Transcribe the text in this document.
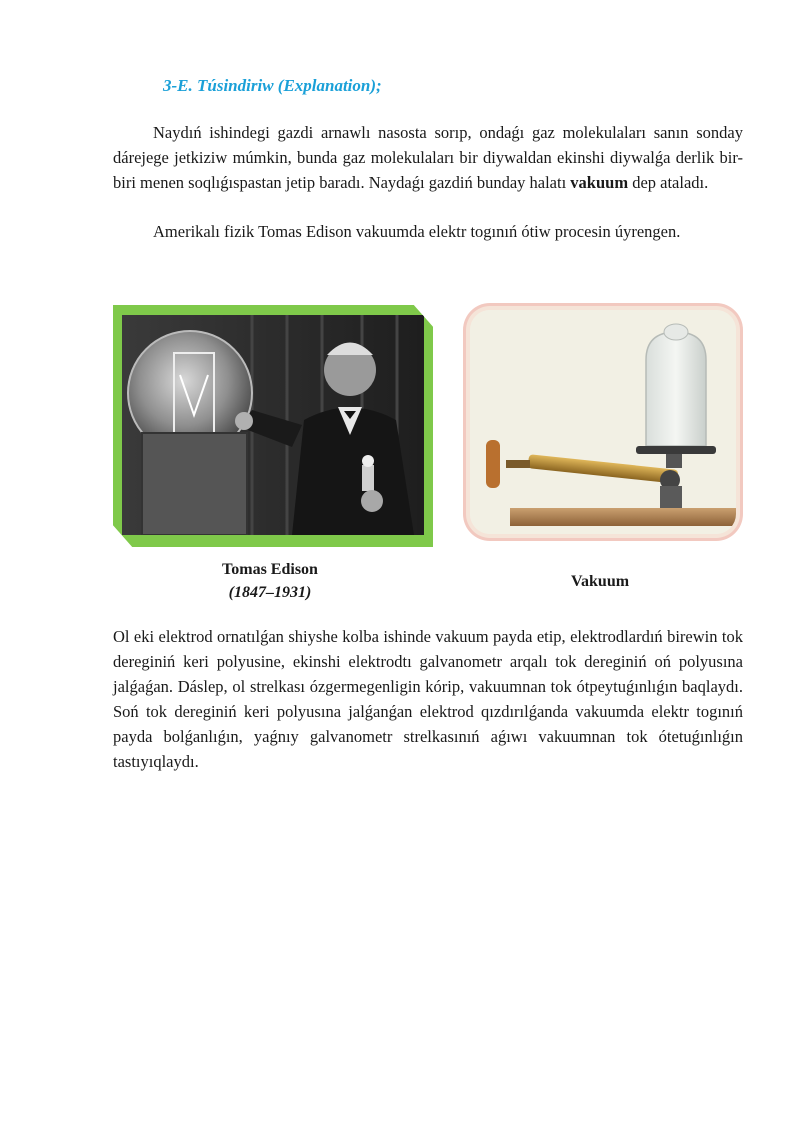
3-E. Túsindiriw (Explanation);

Naydıń ishindegi gazdi arnawlı nasosta sorıp, ondaǵı gaz molekulaları sanın sonday dárejege jetkiziw múmkin, bunda gaz molekulaları bir diywaldan ekinshi diywalǵa derlik bir-biri menen soqlıǵıspastan jetip baradı. Naydaǵı gazdiń bunday halatı vakuum dep ataladı.

Amerikalı fizik Tomas Edison vakuumda elektr togınıń ótiw procesin úyrengen.

Tomas Edison

(1847–1931)

Vakuum

Ol eki elektrod ornatılǵan shiyshe kolba ishinde vakuum payda etip, elektrodlardıń birewin tok dereginiń keri polyusine, ekinshi elektrodtı galvanometr arqalı tok dereginiń oń polyusına jalǵaǵan. Dáslep, ol strelkası ózgermegenligin kórip, vakuumnan tok ótpeytuǵınlıǵın baqlaydı. Soń tok dereginiń keri polyusına jalǵanǵan elektrod qızdırılǵanda vakuumda elektr togınıń payda bolǵanlıǵın, yaǵnıy galvanometr strelkasınıń aǵıwı vakuumnan tok ótetuǵınlıǵın tastıyıqlaydı.
